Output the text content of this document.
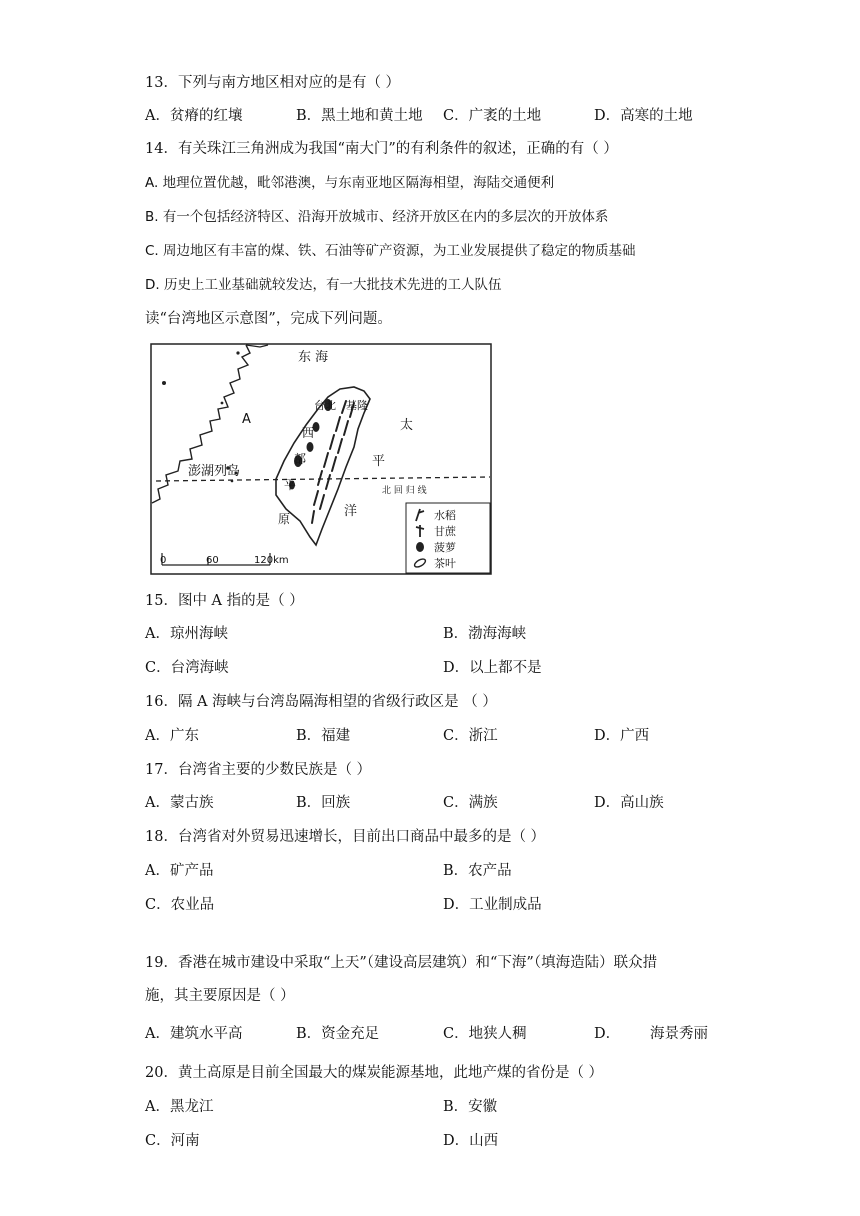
13．下列与南方地区相对应的是有（ ）
A．贫瘠的红壤	B．黑土地和黄土地 C．广袤的土地	D．高寒的土地
14．有关珠江三角洲成为我国“南大门”的有利条件的叙述，正确的有（ ）
A. 地理位置优越，毗邻港澳，与东南亚地区隔海相望，海陆交通便利
B. 有一个包括经济特区、沿海开放城市、经济开放区在内的多层次的开放体系
C. 周边地区有丰富的煤、铁、石油等矿产资源，为工业发展提供了稳定的物质基础
D. 历史上工业基础就较发达，有一大批技术先进的工人队伍
读“台湾地区示意图”，完成下列问题。
水稻
甘蔗
菠萝
茶叶
0	60	120km
东 海
A
台北 基隆
澎湖列岛
西
部
平
原
太
平
洋
北 回 归 线
15．图中 A 指的是（ ）
A．琼州海峡	B．渤海海峡
C．台湾海峡	D．以上都不是
16．隔 A 海峡与台湾岛隔海相望的省级行政区是 （ ）
A．广东	B．福建	C．浙江	D．广西
17．台湾省主要的少数民族是（ ）
A．蒙古族	B．回族	C．满族	D．高山族
18．台湾省对外贸易迅速增长，目前出口商品中最多的是（ ）
A．矿产品	B．农产品
C．农业品	D．工业制成品
19．香港在城市建设中采取“上天”（建设高层建筑）和“下海”（填海造陆）联众措
施，其主要原因是（ ）
A．建筑水平高	B．资金充足	C．地狭人稠	D． 海景秀丽
20．黄土高原是目前全国最大的煤炭能源基地，此地产煤的省份是（ ）
A．黑龙江	B．安徽
C．河南	D．山西
